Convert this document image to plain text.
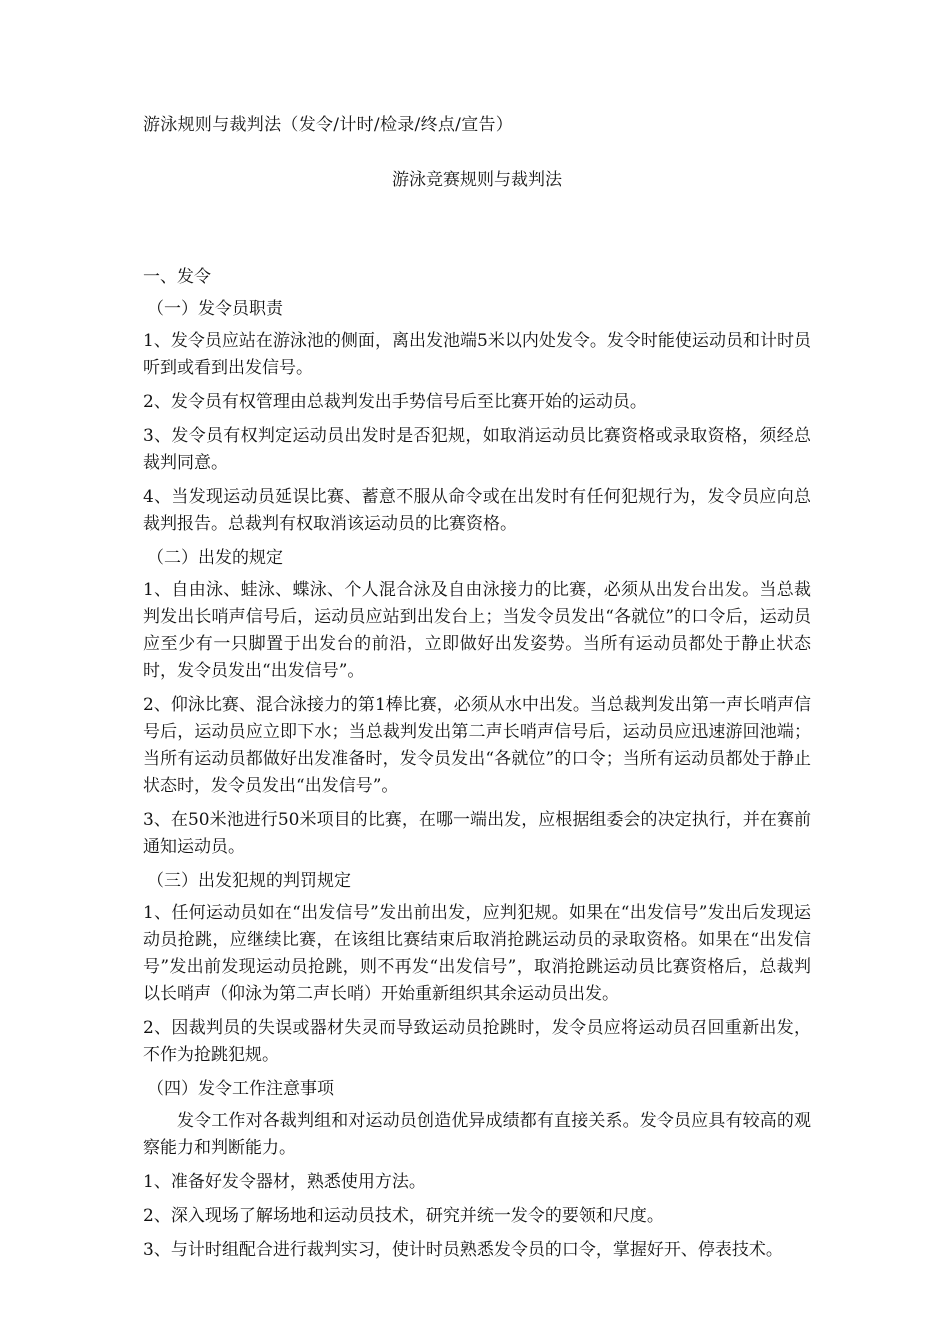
游泳规则与裁判法（发令/计时/检录/终点/宣告）

游泳竞赛规则与裁判法

一、发令

（一）发令员职责

1、发令员应站在游泳池的侧面，离出发池端5米以内处发令。发令时能使运动员和计时员听到或看到出发信号。

2、发令员有权管理由总裁判发出手势信号后至比赛开始的运动员。

3、发令员有权判定运动员出发时是否犯规，如取消运动员比赛资格或录取资格，须经总裁判同意。

4、当发现运动员延误比赛、蓄意不服从命令或在出发时有任何犯规行为，发令员应向总裁判报告。总裁判有权取消该运动员的比赛资格。

（二）出发的规定

1、自由泳、蛙泳、蝶泳、个人混合泳及自由泳接力的比赛，必须从出发台出发。当总裁判发出长哨声信号后，运动员应站到出发台上；当发令员发出“各就位”的口令后，运动员应至少有一只脚置于出发台的前沿，立即做好出发姿势。当所有运动员都处于静止状态时，发令员发出“出发信号”。

2、仰泳比赛、混合泳接力的第1棒比赛，必须从水中出发。当总裁判发出第一声长哨声信号后，运动员应立即下水；当总裁判发出第二声长哨声信号后，运动员应迅速游回池端；当所有运动员都做好出发准备时，发令员发出“各就位”的口令；当所有运动员都处于静止状态时，发令员发出“出发信号”。

3、在50米池进行50米项目的比赛，在哪一端出发，应根据组委会的决定执行，并在赛前通知运动员。

（三）出发犯规的判罚规定

1、任何运动员如在“出发信号”发出前出发，应判犯规。如果在“出发信号”发出后发现运动员抢跳，应继续比赛，在该组比赛结束后取消抢跳运动员的录取资格。如果在“出发信号”发出前发现运动员抢跳，则不再发“出发信号”，取消抢跳运动员比赛资格后，总裁判以长哨声（仰泳为第二声长哨）开始重新组织其余运动员出发。

2、因裁判员的失误或器材失灵而导致运动员抢跳时，发令员应将运动员召回重新出发，不作为抢跳犯规。

（四）发令工作注意事项

发令工作对各裁判组和对运动员创造优异成绩都有直接关系。发令员应具有较高的观察能力和判断能力。

1、准备好发令器材，熟悉使用方法。

2、深入现场了解场地和运动员技术，研究并统一发令的要领和尺度。

3、与计时组配合进行裁判实习，使计时员熟悉发令员的口令，掌握好开、停表技术。
